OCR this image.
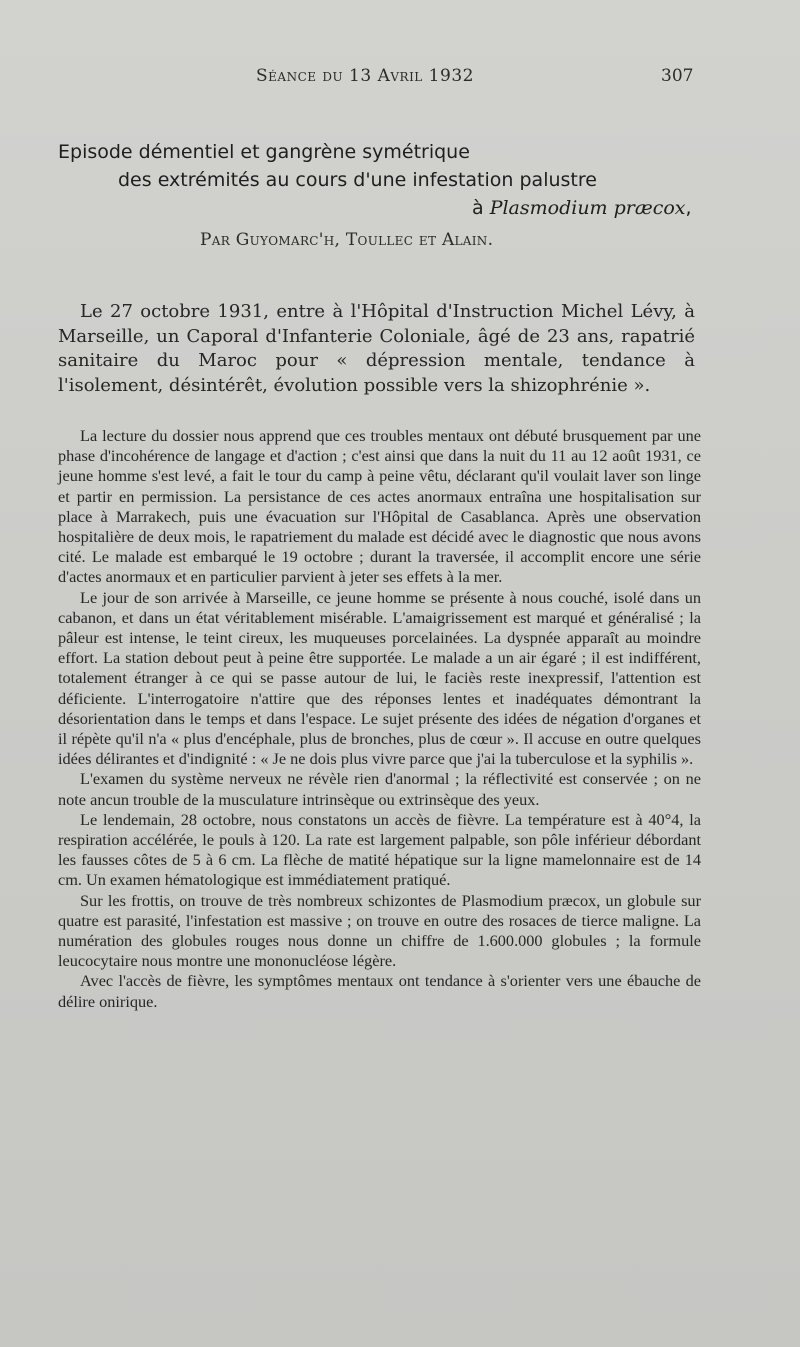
Séance du 13 Avril 1932	307
Episode démentiel et gangrène symétrique
des extrémités au cours d'une infestation palustre
à Plasmodium præcox,
Par Guyomarc'h, Toullec et Alain.

Le 27 octobre 1931, entre à l'Hôpital d'Instruction Michel Lévy, à Marseille, un Caporal d'Infanterie Coloniale, âgé de 23 ans, rapatrié sanitaire du Maroc pour « dépression mentale, tendance à l'isolement, désintérêt, évolution possible vers la shizophrénie ».

La lecture du dossier nous apprend que ces troubles mentaux ont débuté brusquement par une phase d'incohérence de langage et d'action ; c'est ainsi que dans la nuit du 11 au 12 août 1931, ce jeune homme s'est levé, a fait le tour du camp à peine vêtu, déclarant qu'il voulait laver son linge et partir en permission. La persistance de ces actes anormaux entraîna une hospitalisation sur place à Marrakech, puis une évacuation sur l'Hôpital de Casablanca. Après une observation hospitalière de deux mois, le rapatriement du malade est décidé avec le diagnostic que nous avons cité. Le malade est embarqué le 19 octobre ; durant la traversée, il accomplit encore une série d'actes anormaux et en particulier parvient à jeter ses effets à la mer.

Le jour de son arrivée à Marseille, ce jeune homme se présente à nous couché, isolé dans un cabanon, et dans un état véritablement misérable. L'amaigrissement est marqué et généralisé ; la pâleur est intense, le teint cireux, les muqueuses porcelainées. La dyspnée apparaît au moindre effort. La station debout peut à peine être supportée. Le malade a un air égaré ; il est indifférent, totalement étranger à ce qui se passe autour de lui, le faciès reste inexpressif, l'attention est déficiente. L'interrogatoire n'attire que des réponses lentes et inadéquates démontrant la désorientation dans le temps et dans l'espace. Le sujet présente des idées de négation d'organes et il répète qu'il n'a « plus d'encéphale, plus de bronches, plus de cœur ». Il accuse en outre quelques idées délirantes et d'indignité : « Je ne dois plus vivre parce que j'ai la tuberculose et la syphilis ».

L'examen du système nerveux ne révèle rien d'anormal ; la réflectivité est conservée ; on ne note ancun trouble de la musculature intrinsèque ou extrinsèque des yeux.

Le lendemain, 28 octobre, nous constatons un accès de fièvre. La température est à 40°4, la respiration accélérée, le pouls à 120. La rate est largement palpable, son pôle inférieur débordant les fausses côtes de 5 à 6 cm. La flèche de matité hépatique sur la ligne mamelonnaire est de 14 cm. Un examen hématologique est immédiatement pratiqué.

Sur les frottis, on trouve de très nombreux schizontes de Plasmodium præcox, un globule sur quatre est parasité, l'infestation est massive ; on trouve en outre des rosaces de tierce maligne. La numération des globules rouges nous donne un chiffre de 1.600.000 globules ; la formule leucocytaire nous montre une mononucléose légère.

Avec l'accès de fièvre, les symptômes mentaux ont tendance à s'orienter vers une ébauche de délire onirique.
